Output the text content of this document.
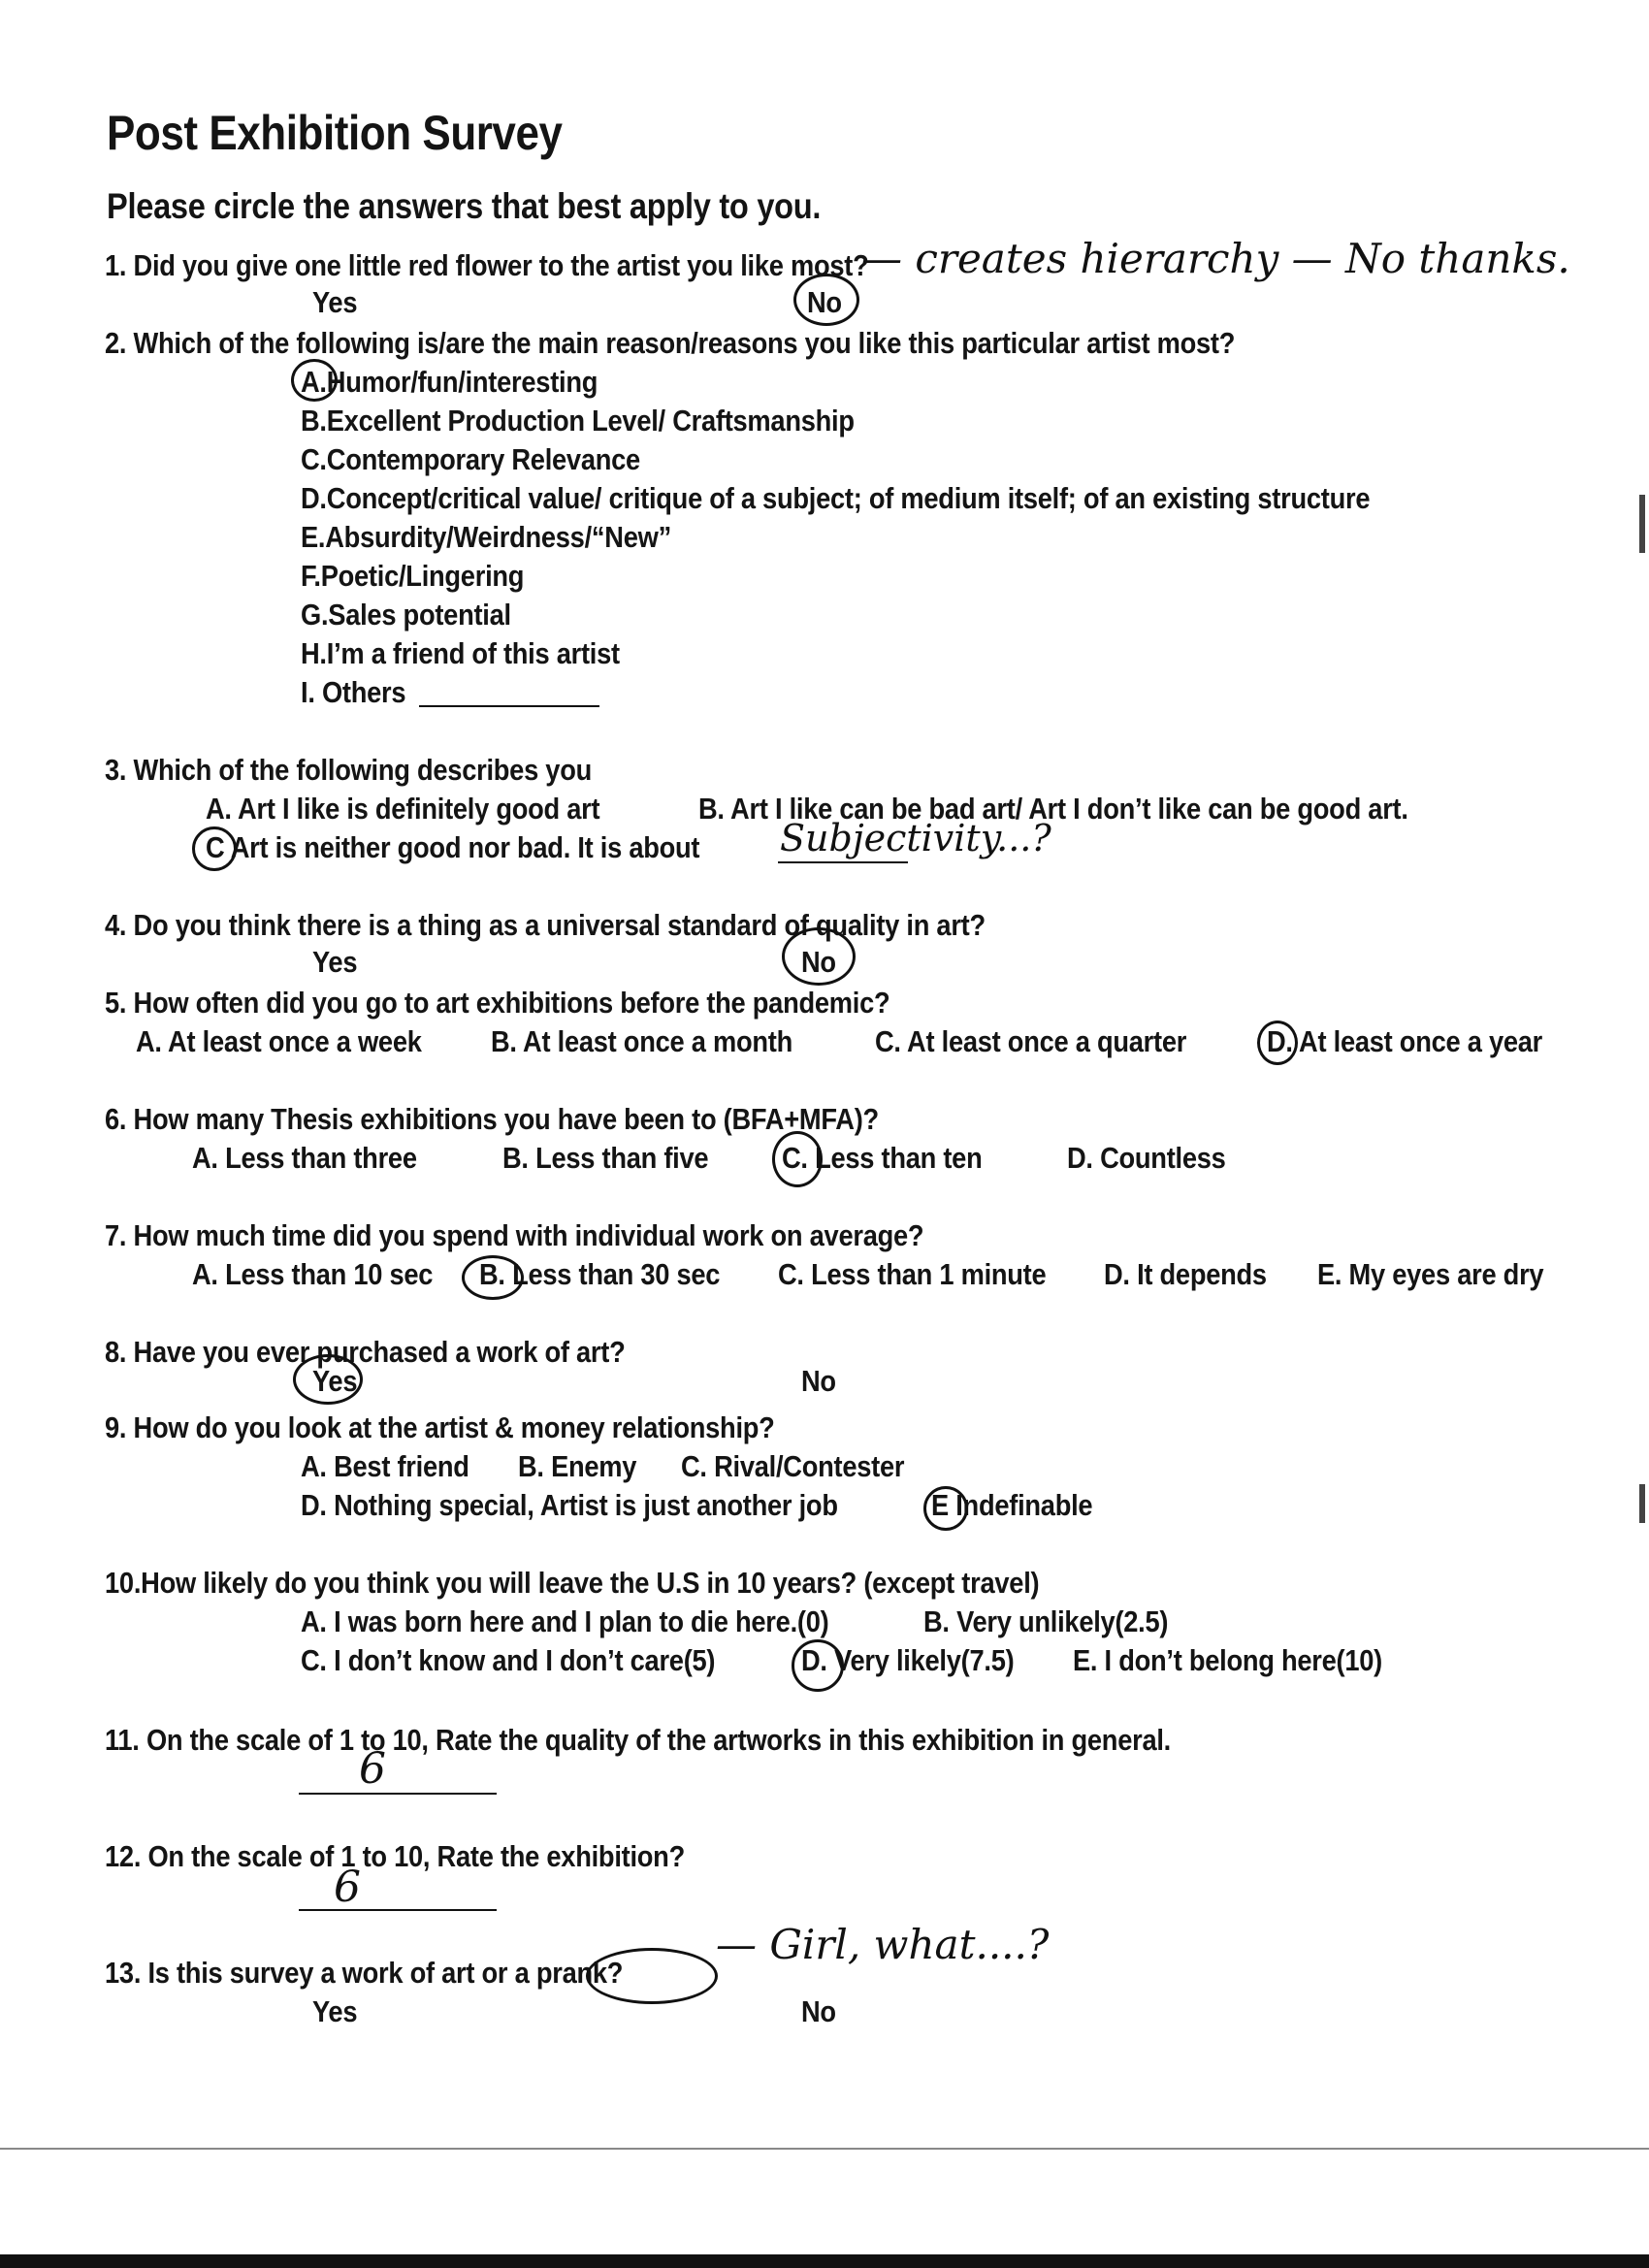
Post Exhibition Survey
Please circle the answers that best apply to you.
1. Did you give one little red flower to the artist you like most?
Yes	No
— creates hierarchy — No thanks.
2. Which of the following is/are the main reason/reasons you like this particular artist most?
A.Humor/fun/interesting
B.Excellent Production Level/ Craftsmanship
C.Contemporary Relevance
D.Concept/critical value/ critique of a subject; of medium itself; of an existing structure
E.Absurdity/Weirdness/“New”
F.Poetic/Lingering
G.Sales potential
H.I’m a friend of this artist
I. Others
3. Which of the following describes you
A. Art I like is definitely good art	B. Art I like can be bad art/ Art I don’t like can be good art.
C Art is neither good nor bad. It is about Subjectivity...?
4. Do you think there is a thing as a universal standard of quality in art?
Yes	No
5. How often did you go to art exhibitions before the pandemic?
A. At least once a week B. At least once a month	C. At least once a quarter	D. At least once a year
6. How many Thesis exhibitions you have been to (BFA+MFA)?
A. Less than three	B. Less than five C. Less than ten	D. Countless
7. How much time did you spend with individual work on average?
A. Less than 10 sec B. Less than 30 sec C. Less than 1 minute D. It depends E. My eyes are dry
8. Have you ever purchased a work of art?
Yes	No
9. How do you look at the artist & money relationship?
A. Best friend B. Enemy C. Rival/Contester
D. Nothing special, Artist is just another job	E Indefinable
10.How likely do you think you will leave the U.S in 10 years? (except travel)
A. I was born here and I plan to die here.(0)	B. Very unlikely(2.5)
C. I don’t know and I don’t care(5)	D. Very likely(7.5) E. I don’t belong here(10)
11. On the scale of 1 to 10, Rate the quality of the artworks in this exhibition in general.
6
12. On the scale of 1 to 10, Rate the exhibition?
6
13. Is this survey a work of art or a prank?
— Girl, what....?
Yes	No
